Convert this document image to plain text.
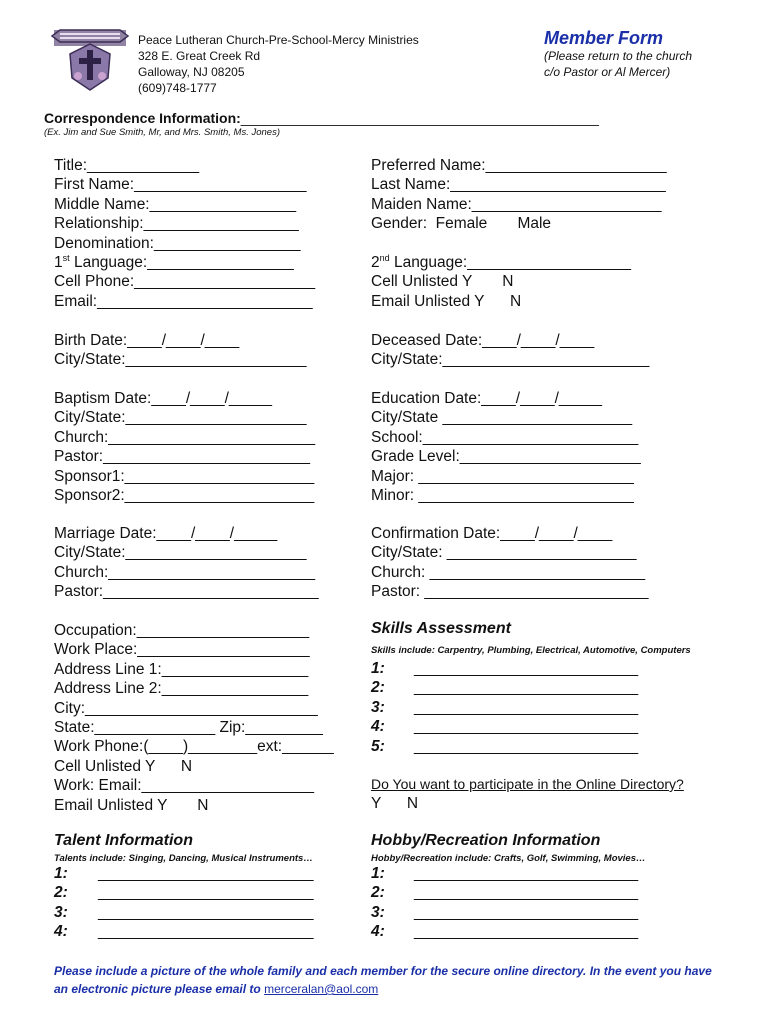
Peace Lutheran Church-Pre-School-Mercy Ministries
328 E. Great Creek Rd
Galloway, NJ 08205
(609)748-1777
Member Form
(Please return to the church
c/o Pastor or Al Mercer)
Correspondence Information:______________________________________________
(Ex. Jim and Sue Smith, Mr, and Mrs. Smith, Ms. Jones)
Title:_____________
First Name:____________________
Middle Name:_________________
Relationship:__________________
Denomination:_________________
1st Language:_________________
Cell Phone:_____________________
Email:_________________________
Preferred Name:_____________________
Last Name:_________________________
Maiden Name:______________________
Gender:  Female       Male

2nd Language:___________________
Cell Unlisted Y       N
Email Unlisted Y      N
Birth Date:____/____/____
City/State:_____________________
Deceased Date:____/____/____
City/State:________________________
Baptism Date:____/____/_____
City/State:_____________________
Church:________________________
Pastor:________________________
Sponsor1:______________________
Sponsor2:______________________
Education Date:____/____/_____
City/State ______________________
School:_________________________
Grade Level:_____________________
Major: _________________________
Minor: _________________________
Marriage Date:____/____/_____
City/State:_____________________
Church:________________________
Pastor:_________________________
Confirmation Date:____/____/____
City/State: ______________________
Church: _________________________
Pastor: __________________________
Occupation:____________________
Work Place:____________________
Address Line 1:_________________
Address Line 2:_________________
City:___________________________
State:______________ Zip:_________
Work Phone:(____)________ext:______
Cell Unlisted Y      N
Work: Email:____________________
Email Unlisted Y       N
Skills Assessment
Skills include: Carpentry, Plumbing, Electrical, Automotive, Computers
1:
2:
3:
4:
5:
__________________________
__________________________
__________________________
__________________________
__________________________
Do You want to participate in the Online Directory?
Y      N
Talent Information
Talents include: Singing, Dancing, Musical Instruments…
1:
2:
3:
4:
_________________________
_________________________
_________________________
_________________________
Hobby/Recreation Information
Hobby/Recreation include: Crafts, Golf, Swimming, Movies…
1:
2:
3:
4:
__________________________
__________________________
__________________________
__________________________
Please include a picture of the whole family and each member for the secure online directory. In the event you have an electronic picture please email to merceralan@aol.com
